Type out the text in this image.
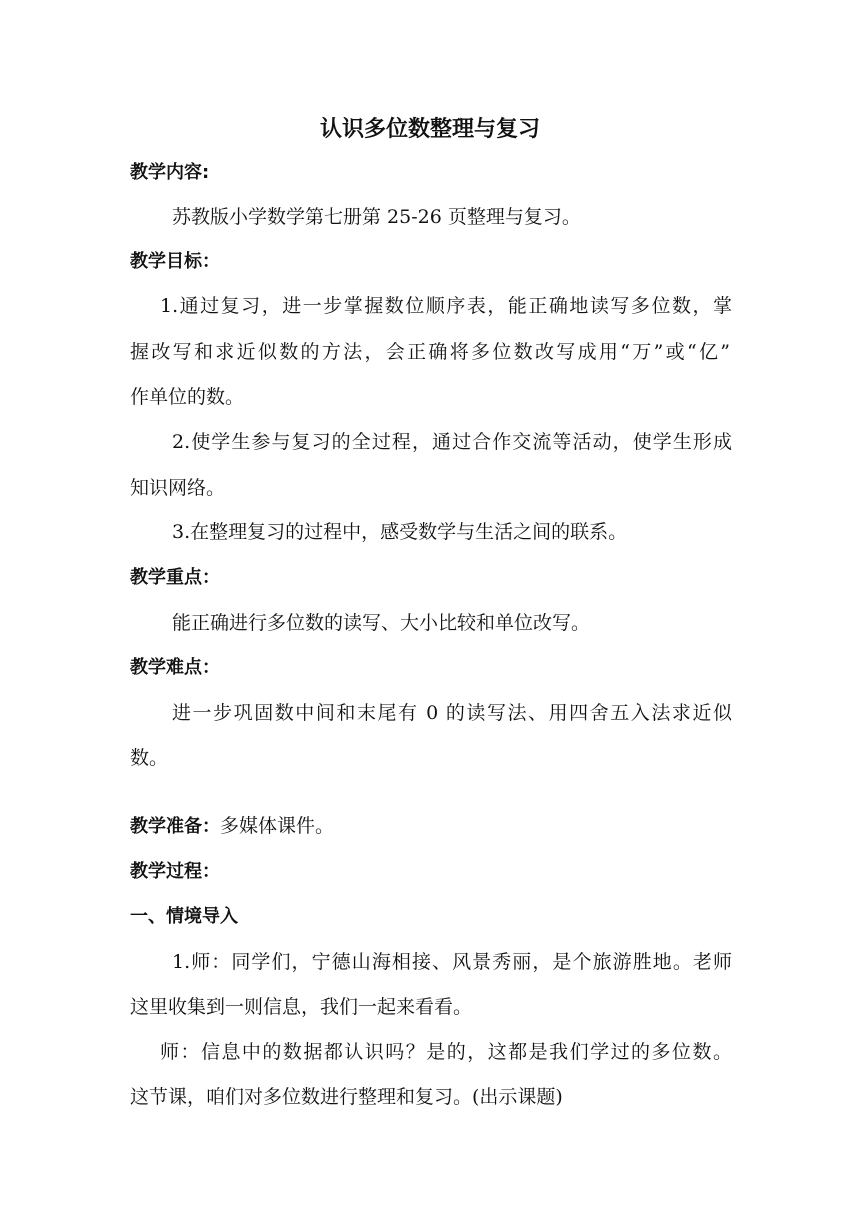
认识多位数整理与复习
教学内容:
苏教版小学数学第七册第 25-26 页整理与复习。
教学目标：
1.通过复习，进一步掌握数位顺序表，能正确地读写多位数，掌
握改写和求近似数的方法，会正确将多位数改写成用“万”或“亿”
作单位的数。
2.使学生参与复习的全过程，通过合作交流等活动，使学生形成
知识网络。
3.在整理复习的过程中，感受数学与生活之间的联系。
教学重点：
能正确进行多位数的读写、大小比较和单位改写。
教学难点：
进一步巩固数中间和末尾有 0 的读写法、用四舍五入法求近似
数。
教学准备：多媒体课件。
教学过程：
一、情境导入
1.师：同学们，宁德山海相接、风景秀丽，是个旅游胜地。老师
这里收集到一则信息，我们一起来看看。
师：信息中的数据都认识吗？是的，这都是我们学过的多位数。
这节课，咱们对多位数进行整理和复习。(出示课题)
